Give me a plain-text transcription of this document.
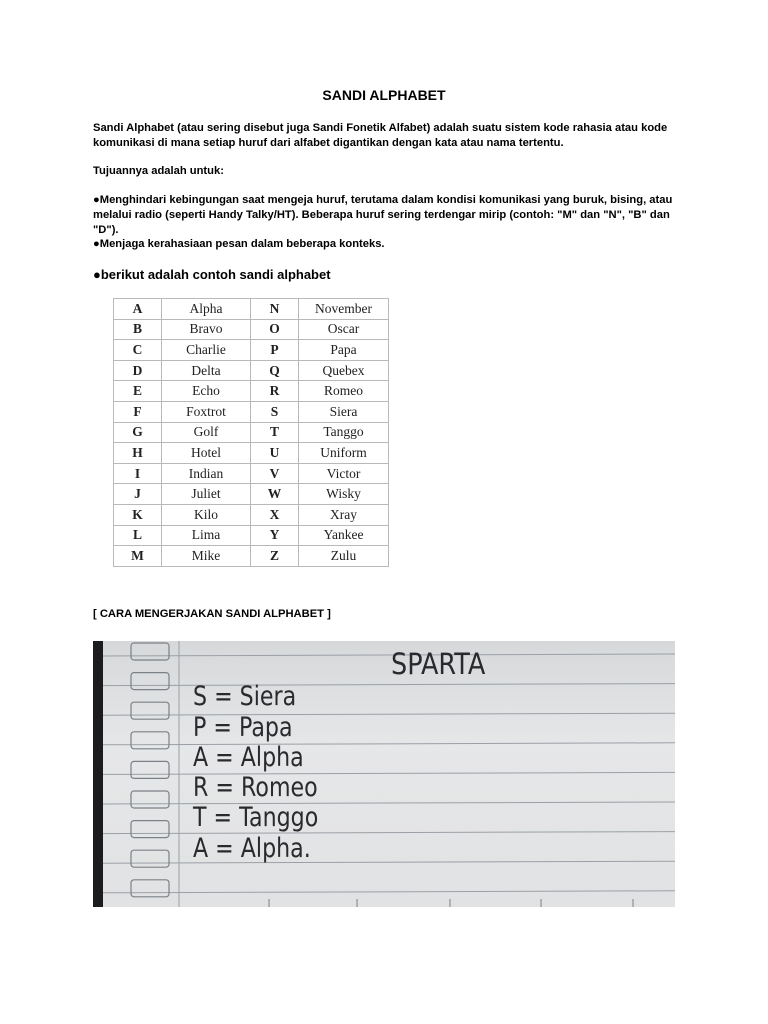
SANDI ALPHABET
Sandi Alphabet (atau sering disebut juga Sandi Fonetik Alfabet) adalah suatu sistem kode rahasia atau kode komunikasi di mana setiap huruf dari alfabet digantikan dengan kata atau nama tertentu.
Tujuannya adalah untuk:
●Menghindari kebingungan saat mengeja huruf, terutama dalam kondisi komunikasi yang buruk, bising, atau melalui radio (seperti Handy Talky/HT). Beberapa huruf sering terdengar mirip (contoh: "M" dan "N", "B" dan "D").
●Menjaga kerahasiaan pesan dalam beberapa konteks.
●berikut adalah contoh sandi alphabet
A	Alpha	N	November
B	Bravo	O	Oscar
C	Charlie	P	Papa
D	Delta	Q	Quebex
E	Echo	R	Romeo
F	Foxtrot	S	Siera
G	Golf	T	Tanggo
H	Hotel	U	Uniform
I	Indian	V	Victor
J	Juliet	W	Wisky
K	Kilo	X	Xray
L	Lima	Y	Yankee
M	Mike	Z	Zulu
[ CARA MENGERJAKAN SANDI ALPHABET ]
SPARTA
S = Siera
P = Papa
A = Alpha
R = Romeo
T = Tanggo
A = Alpha.
